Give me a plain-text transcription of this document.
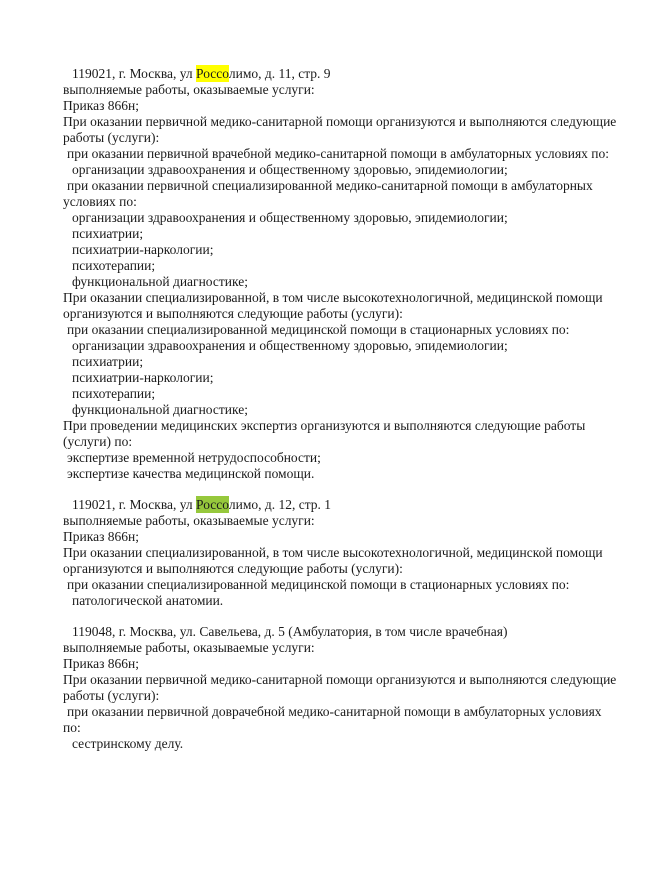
119021, г. Москва, ул Россолимо, д. 11, стр. 9
выполняемые работы, оказываемые услуги:
Приказ 866н;
При оказании первичной медико-санитарной помощи организуются и выполняются следующие
работы (услуги):
при оказании первичной врачебной медико-санитарной помощи в амбулаторных условиях по:
организации здравоохранения и общественному здоровью, эпидемиологии;
при оказании первичной специализированной медико-санитарной помощи в амбулаторных
условиях по:
организации здравоохранения и общественному здоровью, эпидемиологии;
психиатрии;
психиатрии-наркологии;
психотерапии;
функциональной диагностике;
При оказании специализированной, в том числе высокотехнологичной, медицинской помощи
организуются и выполняются следующие работы (услуги):
при оказании специализированной медицинской помощи в стационарных условиях по:
организации здравоохранения и общественному здоровью, эпидемиологии;
психиатрии;
психиатрии-наркологии;
психотерапии;
функциональной диагностике;
При проведении медицинских экспертиз организуются и выполняются следующие работы
(услуги) по:
экспертизе временной нетрудоспособности;
экспертизе качества медицинской помощи.
119021, г. Москва, ул Россолимо, д. 12, стр. 1
выполняемые работы, оказываемые услуги:
Приказ 866н;
При оказании специализированной, в том числе высокотехнологичной, медицинской помощи
организуются и выполняются следующие работы (услуги):
при оказании специализированной медицинской помощи в стационарных условиях по:
патологической анатомии.
119048, г. Москва, ул. Савельева, д. 5 (Амбулатория, в том числе врачебная)
выполняемые работы, оказываемые услуги:
Приказ 866н;
При оказании первичной медико-санитарной помощи организуются и выполняются следующие
работы (услуги):
при оказании первичной доврачебной медико-санитарной помощи в амбулаторных условиях
по:
сестринскому делу.
